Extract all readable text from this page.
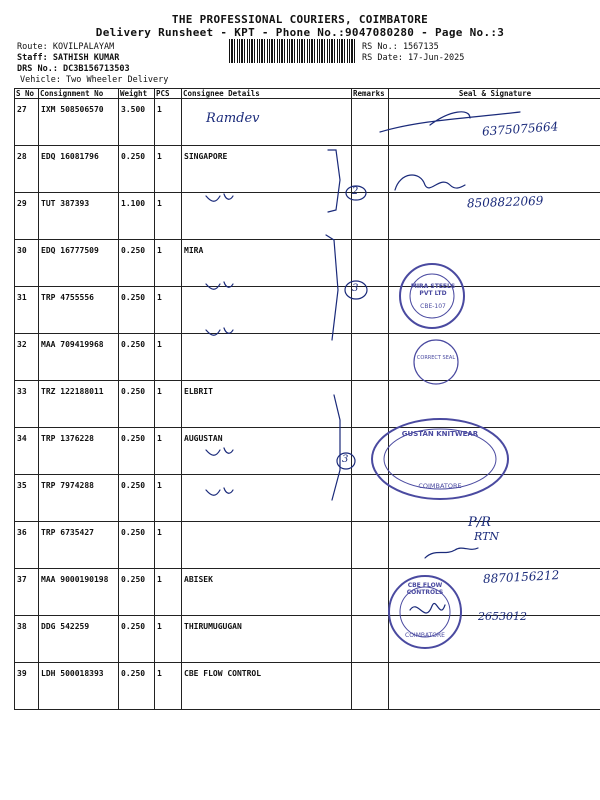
THE PROFESSIONAL COURIERS, COIMBATORE
Delivery Runsheet - KPT - Phone No.:9047080280 - Page No.:3
Route: KOVILPALAYAM
Staff: SATHISH KUMAR
DRS No.: DC3B156713503
Vehicle: Two Wheeler Delivery
RS No.: 1567135
RS Date: 17-Jun-2025
S No	Consignment No	Weight	PCS	Consignee Details	Remarks	Seal & Signature
27	IXM 508506570	3.500	1			
28	EDQ 16081796	0.250	1	SINGAPORE		
29	TUT 387393	1.100	1			
30	EDQ 16777509	0.250	1	MIRA		
31	TRP 4755556	0.250	1			
32	MAA 709419968	0.250	1			
33	TRZ 122188011	0.250	1	ELBRIT		
34	TRP 1376228	0.250	1	AUGUSTAN		
35	TRP 7974288	0.250	1			
36	TRP 6735427	0.250	1			
37	MAA 9000190198	0.250	1	ABISEK		
38	DDG 542259	0.250	1	THIRUMUGUGAN		
39	LDH 500018393	0.250	1	CBE FLOW CONTROL		
Ramdev
6375075664
8508822069
2
3
3
P/R
RTN
8870156212
2653012
MIRA STEELS PVT LTD
CBE-107
CORRECT SEAL
GUSTAN KNITWEAR
COIMBATORE
CBE FLOW CONTROLS
COIMBATORE
